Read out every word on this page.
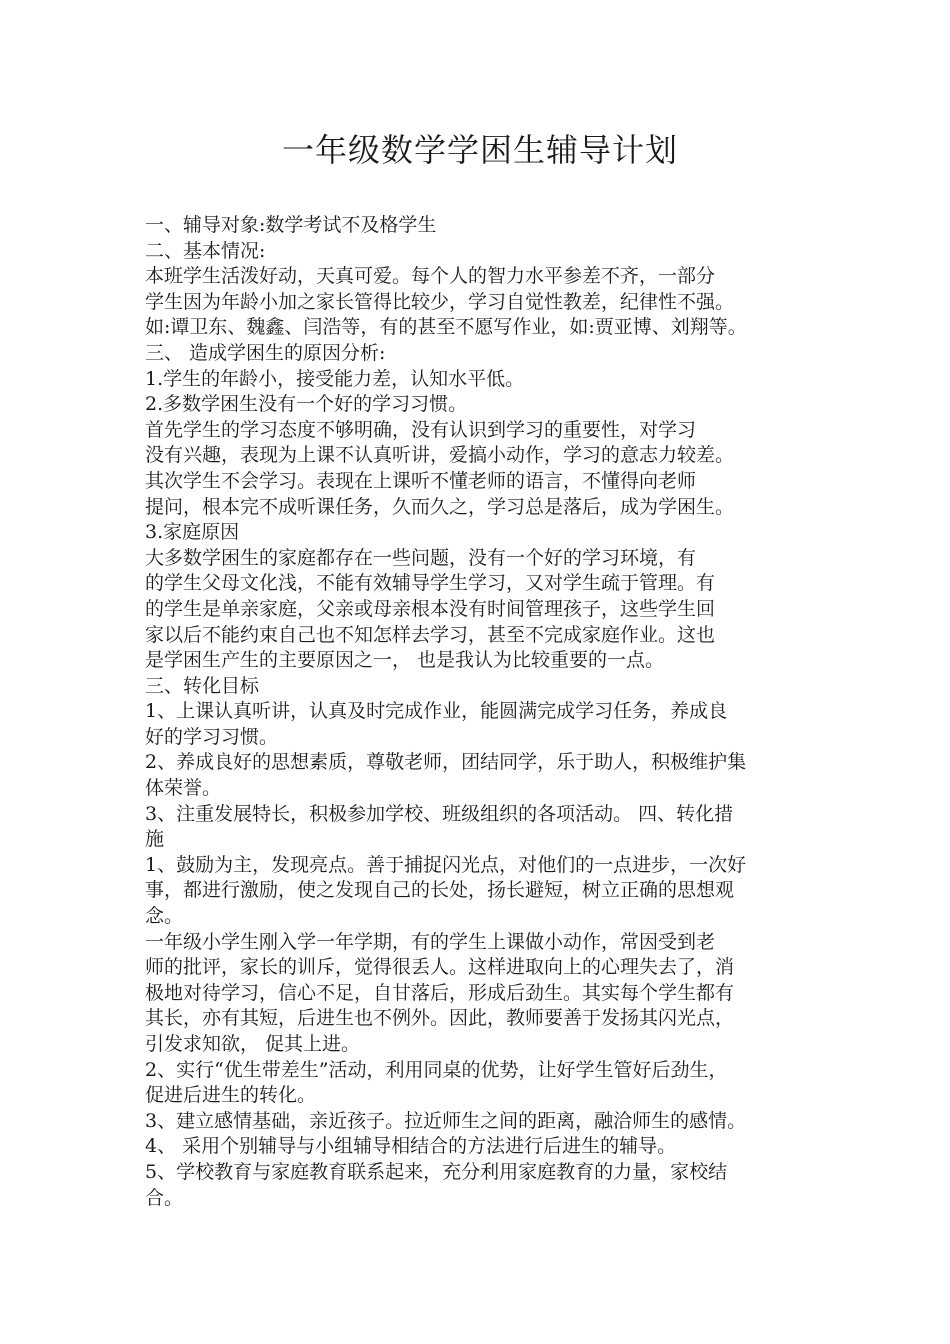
一年级数学学困生辅导计划
一、辅导对象:数学考试不及格学生
二、基本情况:
本班学生活泼好动，天真可爱。每个人的智力水平参差不齐，一部分
学生因为年龄小加之家长管得比较少，学习自觉性教差，纪律性不强。
如:谭卫东、魏鑫、闫浩等，有的甚至不愿写作业，如:贾亚博、刘翔等。
三、 造成学困生的原因分析:
1.学生的年龄小，接受能力差，认知水平低。
2.多数学困生没有一个好的学习习惯。
首先学生的学习态度不够明确，没有认识到学习的重要性，对学习
没有兴趣，表现为上课不认真听讲，爱搞小动作，学习的意志力较差。
其次学生不会学习。表现在上课听不懂老师的语言，不懂得向老师
提问，根本完不成听课任务，久而久之，学习总是落后，成为学困生。
3.家庭原因
大多数学困生的家庭都存在一些问题，没有一个好的学习环境，有
的学生父母文化浅，不能有效辅导学生学习，又对学生疏于管理。有
的学生是单亲家庭，父亲或母亲根本没有时间管理孩子，这些学生回
家以后不能约束自己也不知怎样去学习，甚至不完成家庭作业。这也
是学困生产生的主要原因之一， 也是我认为比较重要的一点。
三、转化目标
1、上课认真听讲，认真及时完成作业，能圆满完成学习任务，养成良
好的学习习惯。
2、养成良好的思想素质，尊敬老师，团结同学，乐于助人，积极维护集
体荣誉。
3、注重发展特长，积极参加学校、班级组织的各项活动。 四、转化措
施
1、鼓励为主，发现亮点。善于捕捉闪光点，对他们的一点进步，一次好
事，都进行激励，使之发现自己的长处，扬长避短，树立正确的思想观
念。
一年级小学生刚入学一年学期，有的学生上课做小动作，常因受到老
师的批评，家长的训斥，觉得很丢人。这样进取向上的心理失去了，消
极地对待学习，信心不足，自甘落后，形成后劲生。其实每个学生都有
其长，亦有其短，后进生也不例外。因此，教师要善于发扬其闪光点，
引发求知欲， 促其上进。
2、实行“优生带差生”活动，利用同桌的优势，让好学生管好后劲生，
促进后进生的转化。
3、建立感情基础，亲近孩子。拉近师生之间的距离，融洽师生的感情。
4、 采用个别辅导与小组辅导相结合的方法进行后进生的辅导。
5、学校教育与家庭教育联系起来，充分利用家庭教育的力量，家校结
合。
